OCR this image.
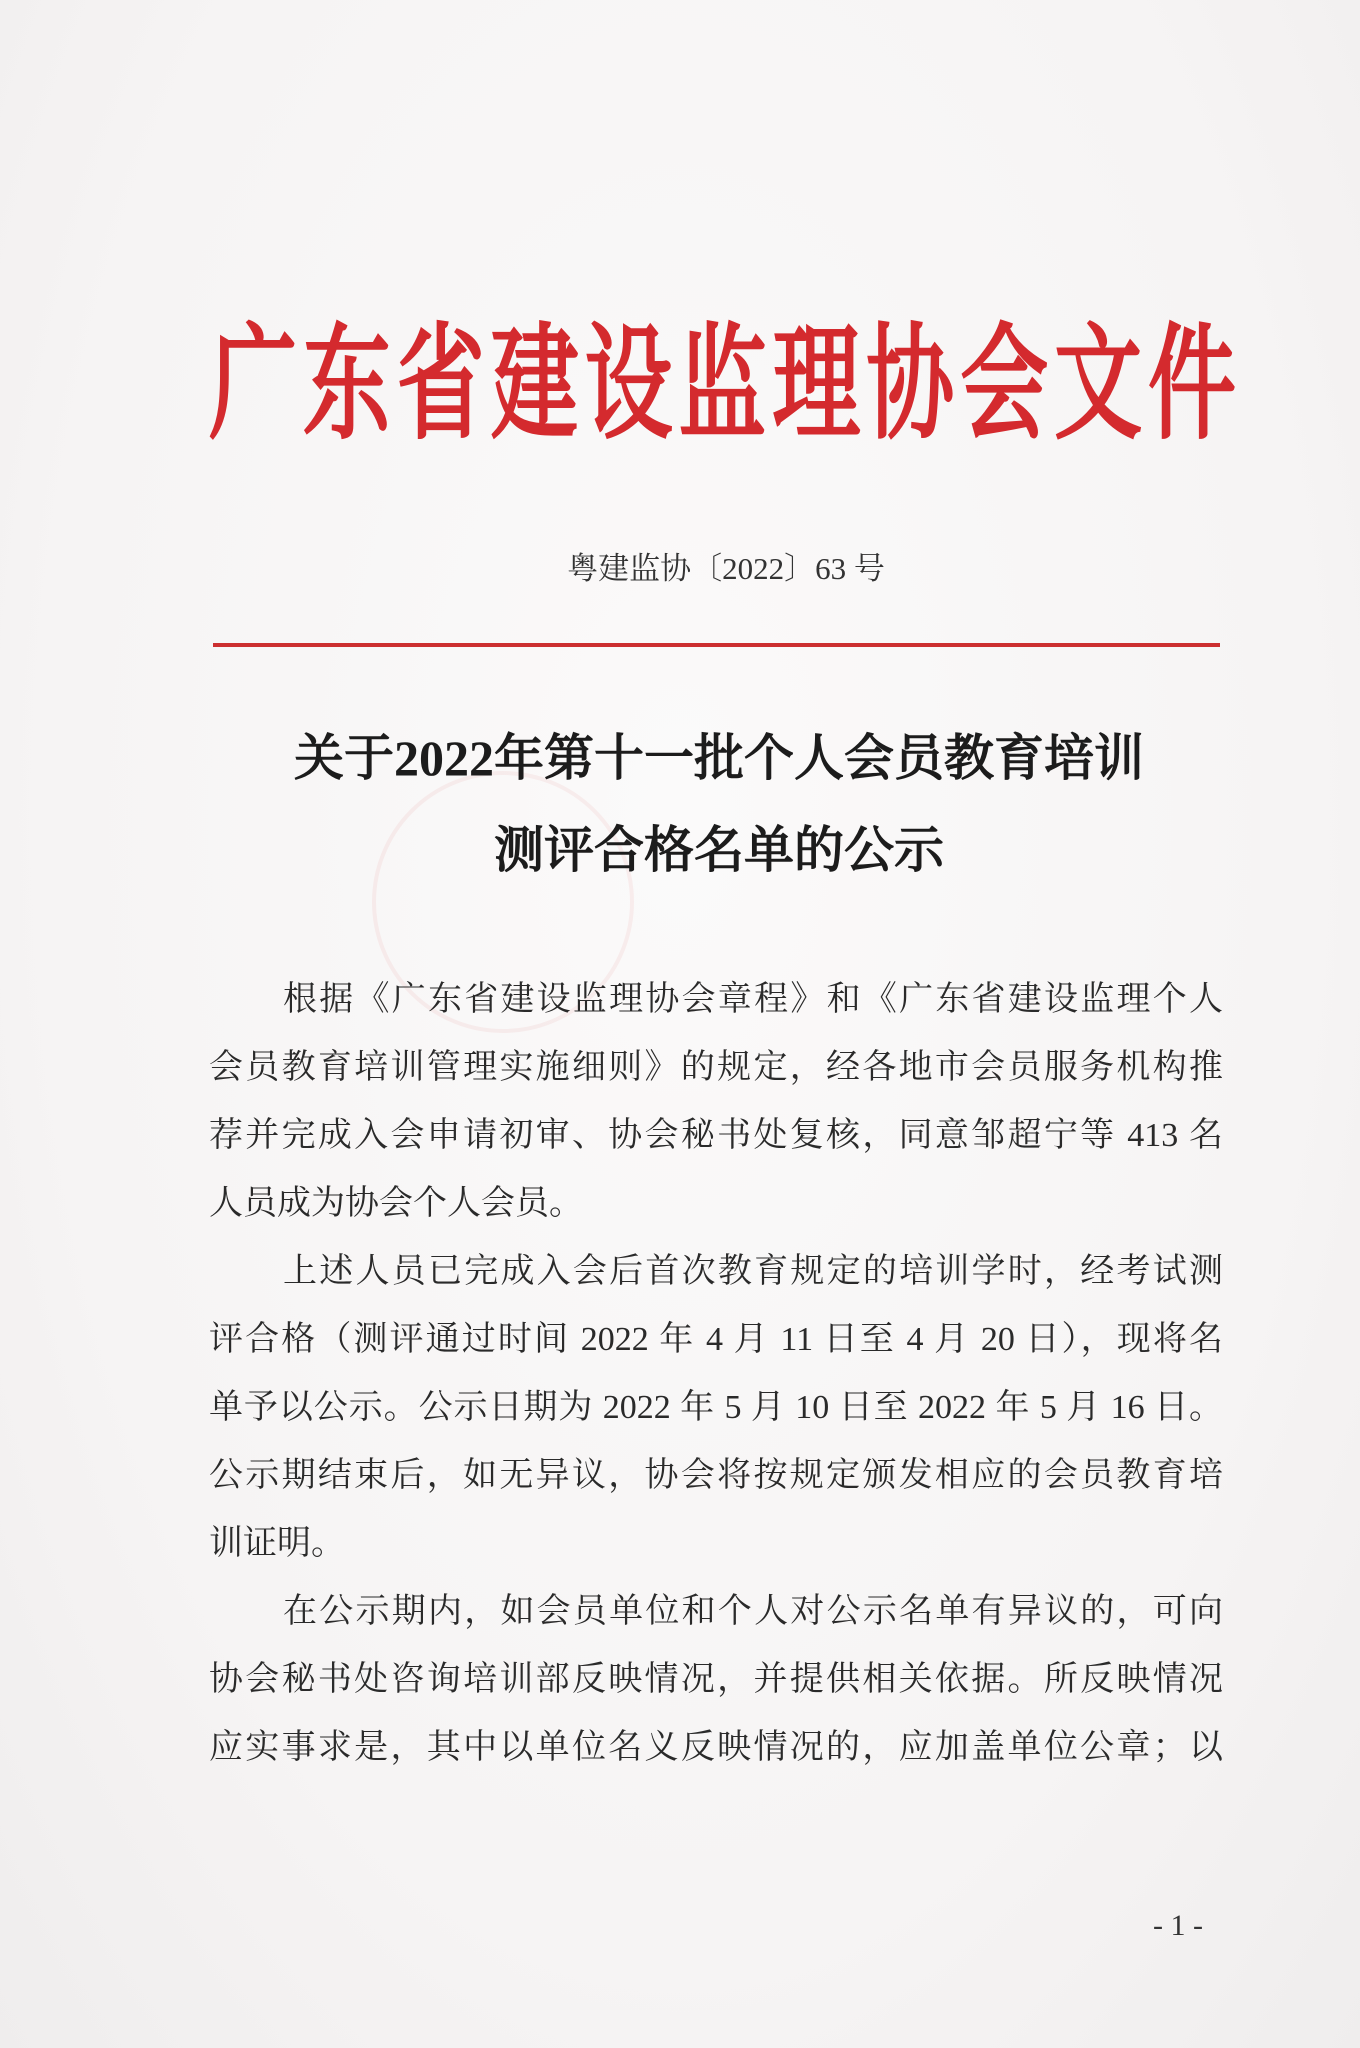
广东省建设监理协会文件
粤建监协〔2022〕63 号
关于2022年第十一批个人会员教育培训
测评合格名单的公示
根据《广东省建设监理协会章程》和《广东省建设监理个人
会员教育培训管理实施细则》的规定，经各地市会员服务机构推
荐并完成入会申请初审、协会秘书处复核，同意邹超宁等 413 名
人员成为协会个人会员。
上述人员已完成入会后首次教育规定的培训学时，经考试测
评合格（测评通过时间 2022 年 4 月 11 日至 4 月 20 日），现将名
单予以公示。公示日期为 2022 年 5 月 10 日至 2022 年 5 月 16 日。
公示期结束后，如无异议，协会将按规定颁发相应的会员教育培
训证明。
在公示期内，如会员单位和个人对公示名单有异议的，可向
协会秘书处咨询培训部反映情况，并提供相关依据。所反映情况
应实事求是，其中以单位名义反映情况的，应加盖单位公章；以
- 1 -
